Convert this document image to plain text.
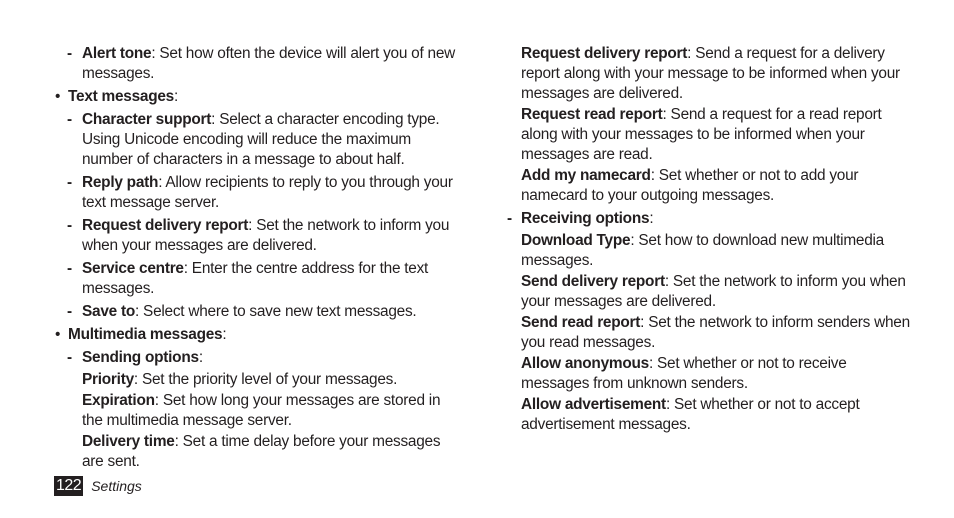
- Alert tone: Set how often the device will alert you of new messages.
• Text messages:
- Character support: Select a character encoding type. Using Unicode encoding will reduce the maximum number of characters in a message to about half.
- Reply path: Allow recipients to reply to you through your text message server.
- Request delivery report: Set the network to inform you when your messages are delivered.
- Service centre: Enter the centre address for the text messages.
- Save to: Select where to save new text messages.
• Multimedia messages:
- Sending options:
Priority: Set the priority level of your messages.
Expiration: Set how long your messages are stored in the multimedia message server.
Delivery time: Set a time delay before your messages are sent.
Request delivery report: Send a request for a delivery report along with your message to be informed when your messages are delivered.
Request read report: Send a request for a read report along with your messages to be informed when your messages are read.
Add my namecard: Set whether or not to add your namecard to your outgoing messages.
- Receiving options:
Download Type: Set how to download new multimedia messages.
Send delivery report: Set the network to inform you when your messages are delivered.
Send read report: Set the network to inform senders when you read messages.
Allow anonymous: Set whether or not to receive messages from unknown senders.
Allow advertisement: Set whether or not to accept advertisement messages.
122 Settings
